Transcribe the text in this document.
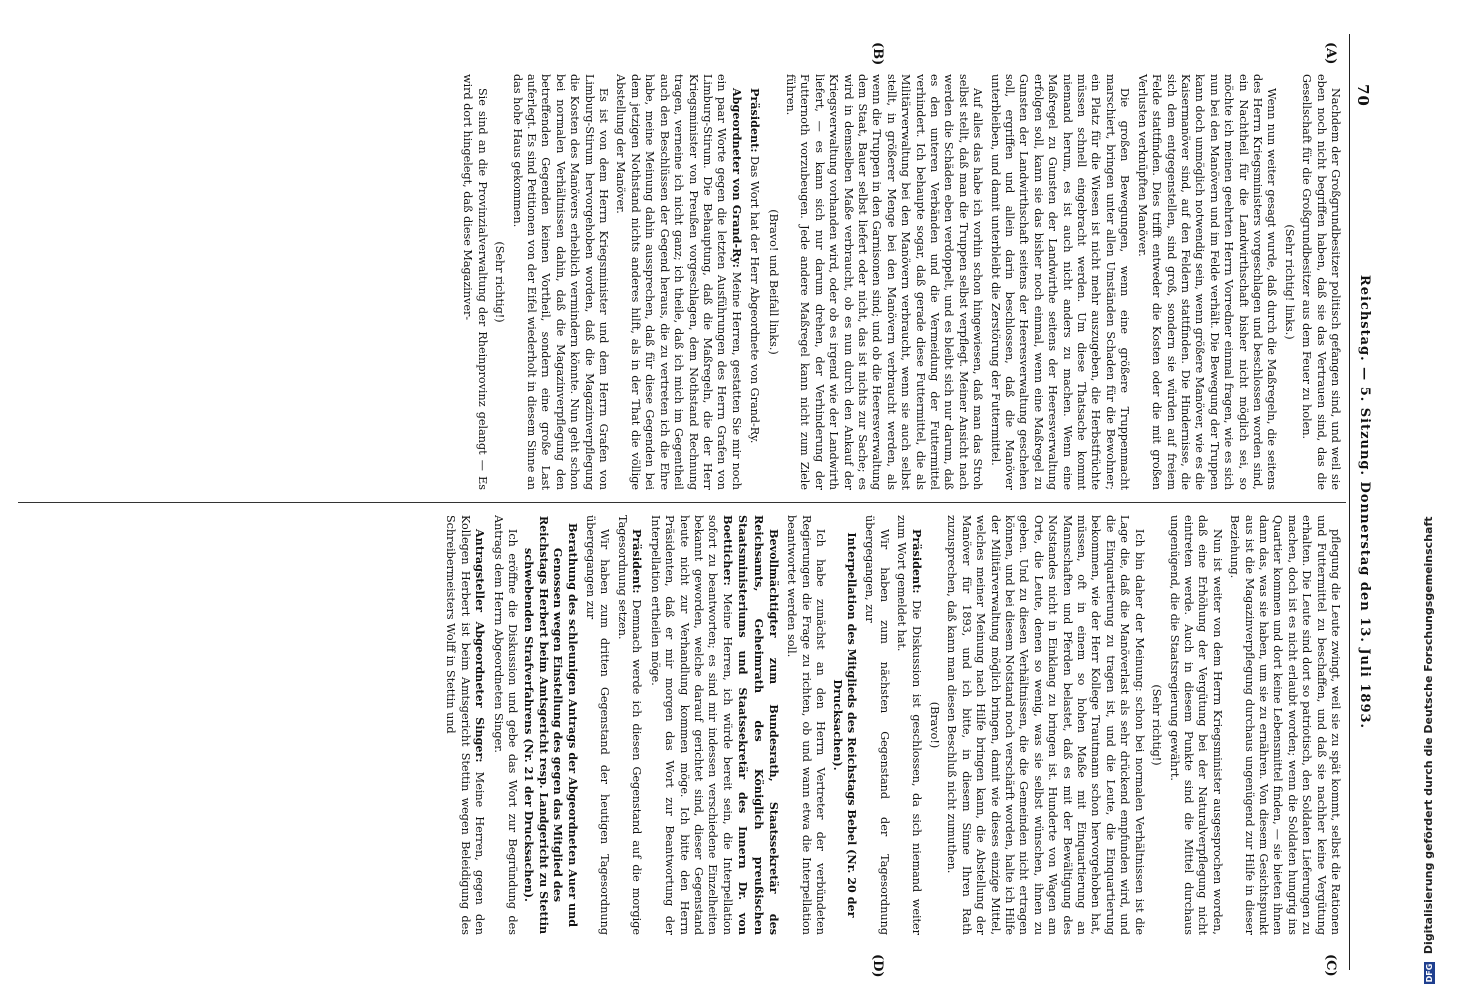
70
Reichstag. — 5. Sitzung. Donnerstag den 13. Juli 1893.
(A)
(B)
(C)
(D)

Nachdem der Großgrundbesitzer politisch gefangen sind, und weil sie eben noch nicht begriffen haben, daß sie das Vertrauen sind, das die Gesellschaft für die Großgrundbesitzer aus dem Feuer zu holen.

(Sehr richtig! links.)

Wenn nun weiter gesagt wurde, daß durch die Maßregeln, die seitens des Herrn Kriegsministers vorgeschlagen und beschlossen worden sind, ein Nachtheil für die Landwirthschaft bisher nicht möglich sei, so möchte ich meinen geehrten Herrn Vorredner einmal fragen, wie es sich nun bei den Manövern und im Felde verhält. Die Bewegung der Truppen kann doch unmöglich notwendig sein, wenn größere Manöver, wie es die Kaisermanöver sind, auf den Feldern stattfinden. Die Hindernisse, die sich dem entgegenstellen, sind groß, sondern sie würden auf freiem Felde stattfinden. Dies trifft entweder die Kosten oder die mit großen Verlusten verknüpften Manöver.

Die großen Bewegungen, wenn eine größere Truppenmacht marschiert, bringen unter allen Umständen Schaden für die Bewohner; ein Platz für die Wiesen ist nicht mehr auszugeben, die Herbstfrüchte müssen schnell eingebracht werden. Um diese Thatsache kommt niemand herum, es ist auch nicht anders zu machen. Wenn eine Maßregel zu Gunsten der Landwirthe seitens der Heeresverwaltung erfolgen soll, kann sie das bisher noch einmal, wenn eine Maßregel zu Gunsten der Landwirthschaft seitens der Heeresverwaltung geschehen soll, ergriffen und allein darin beschlossen, daß die Manöver unterbleiben, und damit unterbleibt die Zerstörung der Futtermittel.

Auf alles das habe ich vorhin schon hingewiesen, daß man das Stroh selbst stellt, daß man die Truppen selbst verpflegt. Meiner Ansicht nach werden die Schäden eben verdoppelt, und es bleibt sich nur darum, daß es den unteren Verbänden und die Vermeidung der Futtermittel verhindert. Ich behaupte sogar, daß gerade diese Futtermittel, die als Militärverwaltung bei den Manövern verbraucht, wenn sie auch selbst stellt, in größerer Menge bei den Manövern verbraucht werden, als wenn die Truppen in den Garnisonen sind; und ob die Heeresverwaltung dem Staat, Bauer selbst liefert oder nicht, das ist nichts zur Sache; es wird in demselben Maße verbraucht, ob es nun durch den Ankauf der Kriegsverwaltung vorhanden wird, oder ob es irgend wie der Landwirth liefert, — es kann sich nur darum drehen, der Verhinderung der Futternoth vorzubeugen. Jede andere Maßregel kann nicht zum Ziele führen.

(Bravo! und Beifall links.)

Präsident: Das Wort hat der Herr Abgeordnete von Grand-Ry.

Abgeordneter von Grand-Ry: Meine Herren, gestatten Sie mir noch ein paar Worte gegen die letzten Ausführungen des Herrn Grafen von Limburg-Stirum. Die Behauptung, daß die Maßregeln, die der Herr Kriegsminister von Preußen vorgeschlagen, dem Nothstand Rechnung tragen, verneine ich nicht ganz; ich theile, daß ich mich im Gegentheil auch den Beschlüssen der Gegend heraus, die zu vertreten ich die Ehre habe, meine Meinung dahin aussprechen, daß für diese Gegenden bei dem jetzigen Nothstand nichts anderes hilft, als in der That die völlige Abstellung der Manöver.

Es ist von dem Herrn Kriegsminister und dem Herrn Grafen von Limburg-Stirum hervorgehoben worden, daß die Magazinverpflegung die Kosten des Manövers erheblich vermindern könnte. Nun geht schon bei normalen Verhältnissen dahin, daß die Magazinverpflegung den betreffenden Gegenden keinen Vortheil, sondern eine große Last auferlegt. Es sind Petitionen von der Eifel wiederholt in diesem Sinne an das hohe Haus gekommen.

(Sehr richtig!)

Sie sind an die Provinzialverwaltung der Rheinprovinz gelangt — Es wird dort hingelegt, daß diese Magazinver-

pflegung die Leute zwingt, weil sie zu spät kommt, selbst die Rationen und Futtermittel zu beschaffen, und daß sie nachher keine Vergütung erhalten. Die Leute sind dort so patriotisch, den Soldaten Lieferungen zu machen, doch ist es nicht erlaubt worden; wenn die Soldaten hungrig ins Quartier kommen und dort keine Lebensmittel finden, — sie bieten ihnen dann das, was sie haben, um sie zu ernähren. Von diesem Gesichtspunkt aus ist die Magazinverpflegung durchaus ungenügend zur Hilfe in dieser Beziehung.

Nun ist weiter von dem Herrn Kriegsminister ausgesprochen worden, daß eine Erhöhung der Vergütung bei der Naturalverpflegung nicht eintreten werde. Auch in diesem Punkte sind die Mittel durchaus ungenügend, die die Staatsregierung gewährt.

(Sehr richtig!)

Ich bin daher der Meinung: schon bei normalen Verhältnissen ist die Lage die, daß die Manöverlast als sehr drückend empfunden wird, und die Einquartierung zu tragen ist, und die Leute, die Einquartierung bekommen, wie der Herr Kollege Trautmann schon hervorgehoben hat, müssen, oft in einem so hohen Maße mit Einquartierung an Mannschaften und Pferden belastet, daß es mit der Bewältigung des Notstandes nicht in Einklang zu bringen ist. Hunderte von Wagen am Orte, die Leute, denen so wenig, was sie selbst wünschen, ihnen zu geben. Und zu diesen Verhältnissen, die die Gemeinden nicht ertragen können, und bei diesem Notstand noch verschärft worden, halte ich Hilfe der Militärverwaltung möglich bringen, damit wie dieses einzige Mittel, welches meiner Meinung nach Hilfe bringen kann, die Abstellung der Manöver für 1893, und ich bitte, in diesem Sinne Ihren Rath zuzusprechen, daß kann man diesen Beschluß nicht zumuthen.

(Bravo!)

Präsident: Die Diskussion ist geschlossen, da sich niemand weiter zum Wort gemeldet hat.

Wir haben zum nächsten Gegenstand der Tagesordnung übergegangen, zur

Interpellation des Mitglieds des Reichstags Bebel (Nr. 20 der Drucksachen).

Ich habe zunächst an den Herrn Vertreter der verbündeten Regierungen die Frage zu richten, ob und wann etwa die Interpellation beantwortet werden soll.

Bevollmächtigter zum Bundesrath, Staatssekretär des Reichsamts, Geheimrath des Königlich preußischen Staatsministeriums und Staatssekretär des Innern Dr. von Boetticher: Meine Herren, ich würde bereit sein, die Interpellation sofort zu beantworten; es sind mir indessen verschiedene Einzelheiten bekannt geworden, welche darauf gerichtet sind, dieser Gegenstand heute nicht zur Verhandlung kommen möge. Ich bitte den Herrn Präsidenten, daß er mir morgen das Wort zur Beantwortung der Interpellation ertheilen möge.

Präsident: Demnach werde ich diesen Gegenstand auf die morgige Tagesordnung setzen.

Wir haben zum dritten Gegenstand der heutigen Tagesordnung übergegangen zur

Berathung des schleunigen Antrags der Abgeordneten Auer und Genossen wegen Einstellung des gegen das Mitglied des Reichstags Herbert beim Amtsgericht resp. Landgericht zu Stettin schwebenden Strafverfahrens (Nr. 21 der Drucksachen).

Ich eröffne die Diskussion und gebe das Wort zur Begründung des Antrags dem Herrn Abgeordneten Singer.

Antragsteller Abgeordneter Singer: Meine Herren, gegen den Kollegen Herbert ist beim Amtsgericht Stettin wegen Beleidigung des Schreibermeisters Wolff in Stettin und

DFG Digitalisierung gefördert durch die Deutsche Forschungsgemeinschaft
